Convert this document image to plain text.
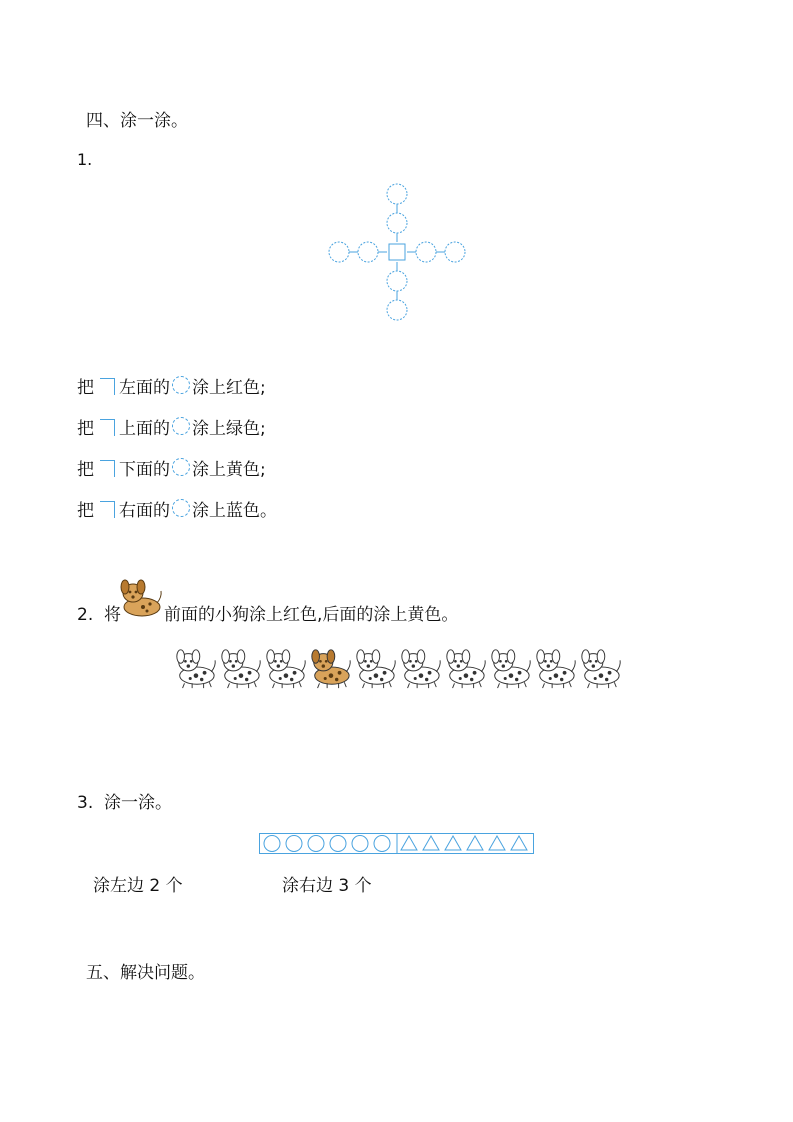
四、涂一涂。
1.
把 左面的 涂上红色;
把 上面的 涂上绿色;
把 下面的 涂上黄色;
把 右面的 涂上蓝色。
2. 将	前面的小狗涂上红色,后面的涂上黄色。
3. 涂一涂。
涂左边 2 个	涂右边 3 个
五、解决问题。
